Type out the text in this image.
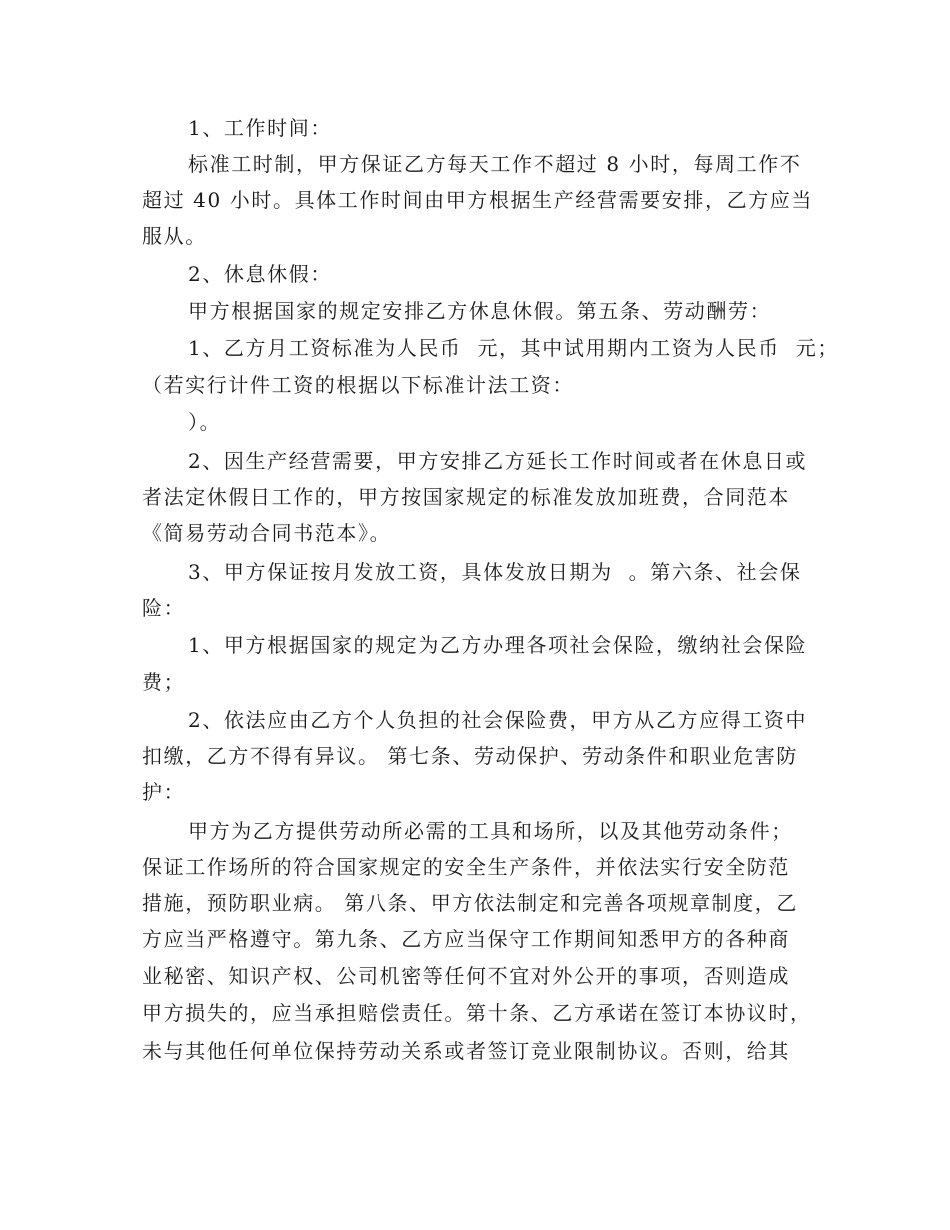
1、工作时间：
标准工时制，甲方保证乙方每天工作不超过 8 小时，每周工作不
超过 40 小时。具体工作时间由甲方根据生产经营需要安排，乙方应当
服从。
2、休息休假：
甲方根据国家的规定安排乙方休息休假。第五条、劳动酬劳：
1、乙方月工资标准为人民币  元，其中试用期内工资为人民币  元；
（若实行计件工资的根据以下标准计法工资：
）。
2、因生产经营需要，甲方安排乙方延长工作时间或者在休息日或
者法定休假日工作的，甲方按国家规定的标准发放加班费，合同范本
《简易劳动合同书范本》。
3、甲方保证按月发放工资，具体发放日期为  。第六条、社会保
险：
1、甲方根据国家的规定为乙方办理各项社会保险，缴纳社会保险
费；
2、依法应由乙方个人负担的社会保险费，甲方从乙方应得工资中
扣缴，乙方不得有异议。 第七条、劳动保护、劳动条件和职业危害防
护：
甲方为乙方提供劳动所必需的工具和场所，以及其他劳动条件；
保证工作场所的符合国家规定的安全生产条件，并依法实行安全防范
措施，预防职业病。 第八条、甲方依法制定和完善各项规章制度，乙
方应当严格遵守。第九条、乙方应当保守工作期间知悉甲方的各种商
业秘密、知识产权、公司机密等任何不宜对外公开的事项，否则造成
甲方损失的，应当承担赔偿责任。第十条、乙方承诺在签订本协议时，
未与其他任何单位保持劳动关系或者签订竞业限制协议。否则，给其
